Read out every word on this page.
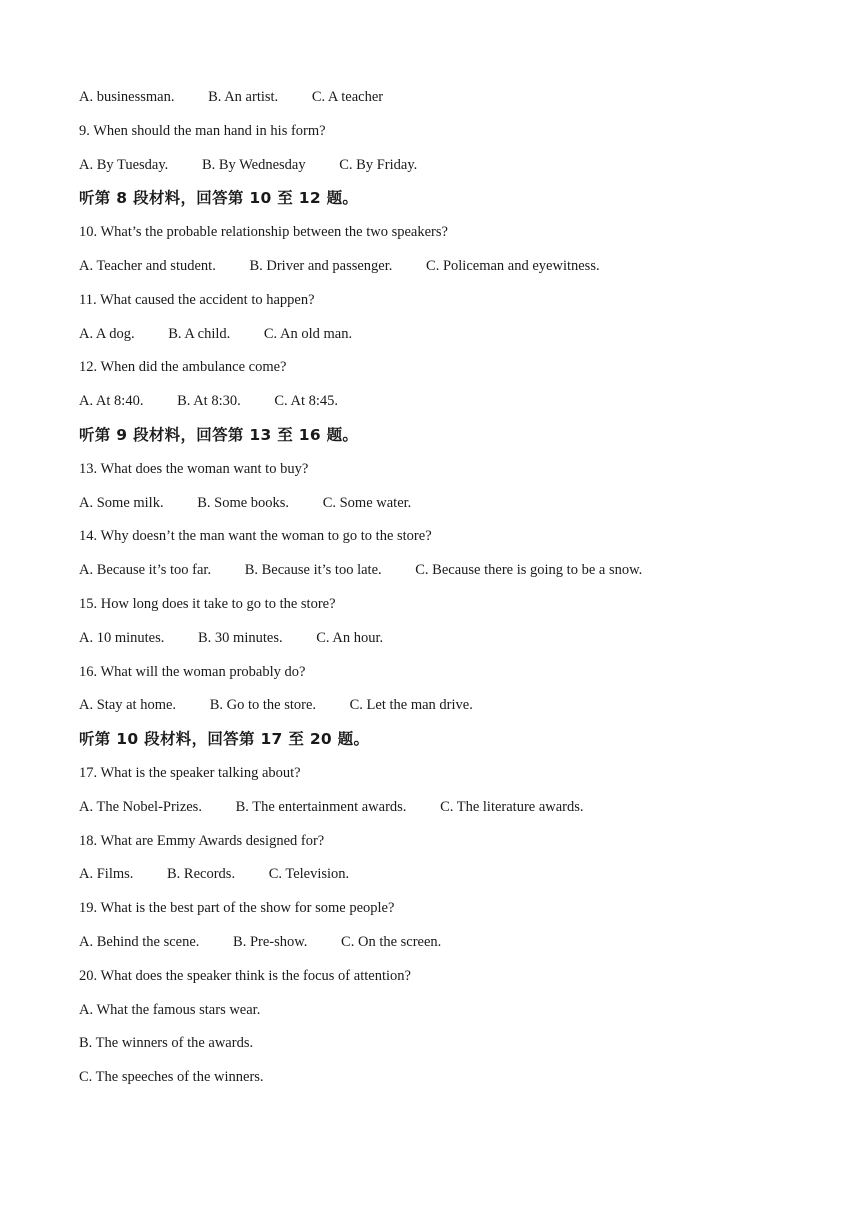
A. businessman. B. An artist. C. A teacher
9. When should the man hand in his form?
A. By Tuesday. B. By Wednesday C. By Friday.
听第 8 段材料，回答第 10 至 12 题。
10. What’s the probable relationship between the two speakers?
A. Teacher and student. B. Driver and passenger. C. Policeman and eyewitness.
11. What caused the accident to happen?
A. A dog. B. A child. C. An old man.
12. When did the ambulance come?
A. At 8:40. B. At 8:30. C. At 8:45.
听第 9 段材料，回答第 13 至 16 题。
13. What does the woman want to buy?
A. Some milk. B. Some books. C. Some water.
14. Why doesn’t the man want the woman to go to the store?
A. Because it’s too far. B. Because it’s too late. C. Because there is going to be a snow.
15. How long does it take to go to the store?
A. 10 minutes. B. 30 minutes. C. An hour.
16. What will the woman probably do?
A. Stay at home. B. Go to the store. C. Let the man drive.
听第 10 段材料，回答第 17 至 20 题。
17. What is the speaker talking about?
A. The Nobel-Prizes. B. The entertainment awards. C. The literature awards.
18. What are Emmy Awards designed for?
A. Films. B. Records. C. Television.
19. What is the best part of the show for some people?
A. Behind the scene. B. Pre-show. C. On the screen.
20. What does the speaker think is the focus of attention?
A. What the famous stars wear.
B. The winners of the awards.
C. The speeches of the winners.
